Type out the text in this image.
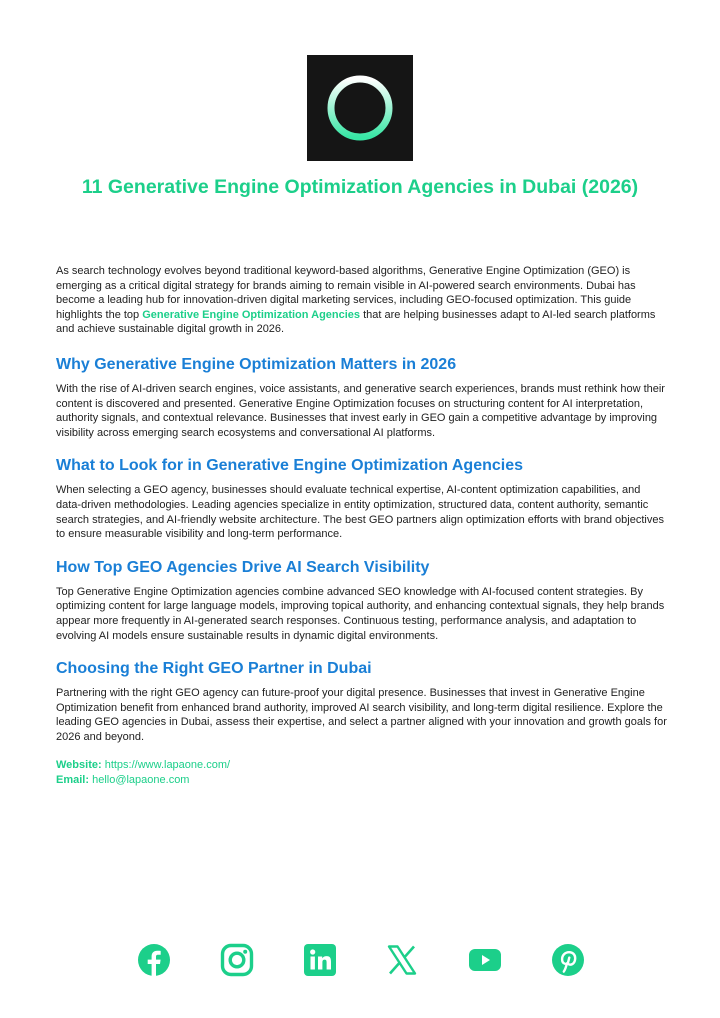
11 Generative Engine Optimization Agencies in Dubai (2026)

As search technology evolves beyond traditional keyword-based algorithms, Generative Engine Optimization (GEO) is emerging as a critical digital strategy for brands aiming to remain visible in AI-powered search environments. Dubai has become a leading hub for innovation-driven digital marketing services, including GEO-focused optimization. This guide highlights the top Generative Engine Optimization Agencies that are helping businesses adapt to AI-led search platforms and achieve sustainable digital growth in 2026.

Why Generative Engine Optimization Matters in 2026

With the rise of AI-driven search engines, voice assistants, and generative search experiences, brands must rethink how their content is discovered and presented. Generative Engine Optimization focuses on structuring content for AI interpretation, authority signals, and contextual relevance. Businesses that invest early in GEO gain a competitive advantage by improving visibility across emerging search ecosystems and conversational AI platforms.

What to Look for in Generative Engine Optimization Agencies

When selecting a GEO agency, businesses should evaluate technical expertise, AI-content optimization capabilities, and data-driven methodologies. Leading agencies specialize in entity optimization, structured data, content authority, semantic search strategies, and AI-friendly website architecture. The best GEO partners align optimization efforts with brand objectives to ensure measurable visibility and long-term performance.

How Top GEO Agencies Drive AI Search Visibility

Top Generative Engine Optimization agencies combine advanced SEO knowledge with AI-focused content strategies. By optimizing content for large language models, improving topical authority, and enhancing contextual signals, they help brands appear more frequently in AI-generated search responses. Continuous testing, performance analysis, and adaptation to evolving AI models ensure sustainable results in dynamic digital environments.

Choosing the Right GEO Partner in Dubai

Partnering with the right GEO agency can future-proof your digital presence. Businesses that invest in Generative Engine Optimization benefit from enhanced brand authority, improved AI search visibility, and long-term digital resilience. Explore the leading GEO agencies in Dubai, assess their expertise, and select a partner aligned with your innovation and growth goals for 2026 and beyond.

Website: https://www.lapaone.com/
Email: hello@lapaone.com
